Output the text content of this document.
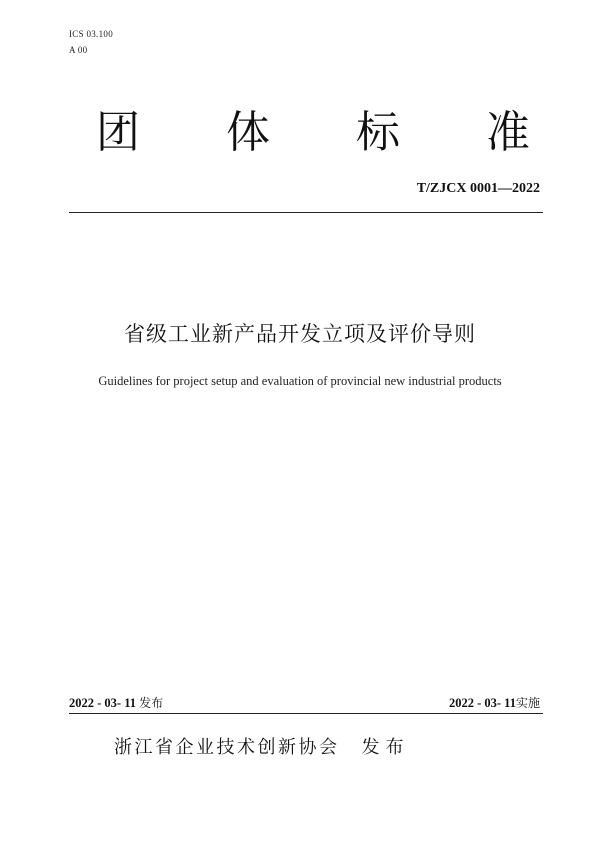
ICS 03.100
A 00
团 体 标 准
T/ZJCX 0001—2022
省级工业新产品开发立项及评价导则
Guidelines for project setup and evaluation of provincial new industrial products
2022 - 03- 11 发布	2022 - 03- 11实施
浙江省企业技术创新协会 发布
